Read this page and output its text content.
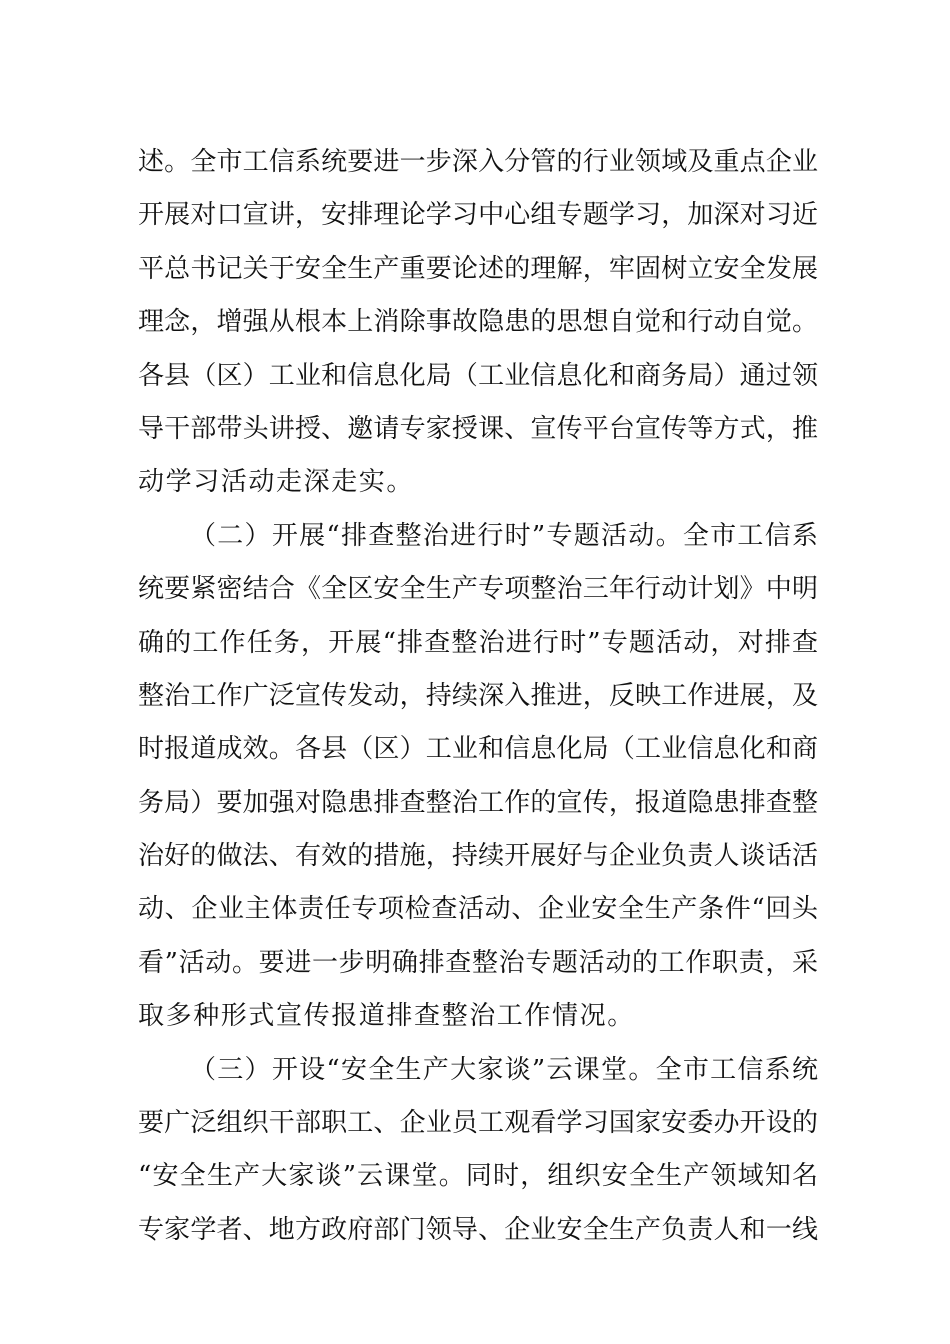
述。全市工信系统要进一步深入分管的行业领域及重点企业
开展对口宣讲，安排理论学习中心组专题学习，加深对习近
平总书记关于安全生产重要论述的理解，牢固树立安全发展
理念，增强从根本上消除事故隐患的思想自觉和行动自觉。
各县（区）工业和信息化局（工业信息化和商务局）通过领
导干部带头讲授、邀请专家授课、宣传平台宣传等方式，推
动学习活动走深走实。
（二）开展“排查整治进行时”专题活动。全市工信系
统要紧密结合《全区安全生产专项整治三年行动计划》中明
确的工作任务，开展“排查整治进行时”专题活动，对排查
整治工作广泛宣传发动，持续深入推进，反映工作进展，及
时报道成效。各县（区）工业和信息化局（工业信息化和商
务局）要加强对隐患排查整治工作的宣传，报道隐患排查整
治好的做法、有效的措施，持续开展好与企业负责人谈话活
动、企业主体责任专项检查活动、企业安全生产条件“回头
看”活动。要进一步明确排查整治专题活动的工作职责，采
取多种形式宣传报道排查整治工作情况。
（三）开设“安全生产大家谈”云课堂。全市工信系统
要广泛组织干部职工、企业员工观看学习国家安委办开设的
“安全生产大家谈”云课堂。同时，组织安全生产领域知名
专家学者、地方政府部门领导、企业安全生产负责人和一线
